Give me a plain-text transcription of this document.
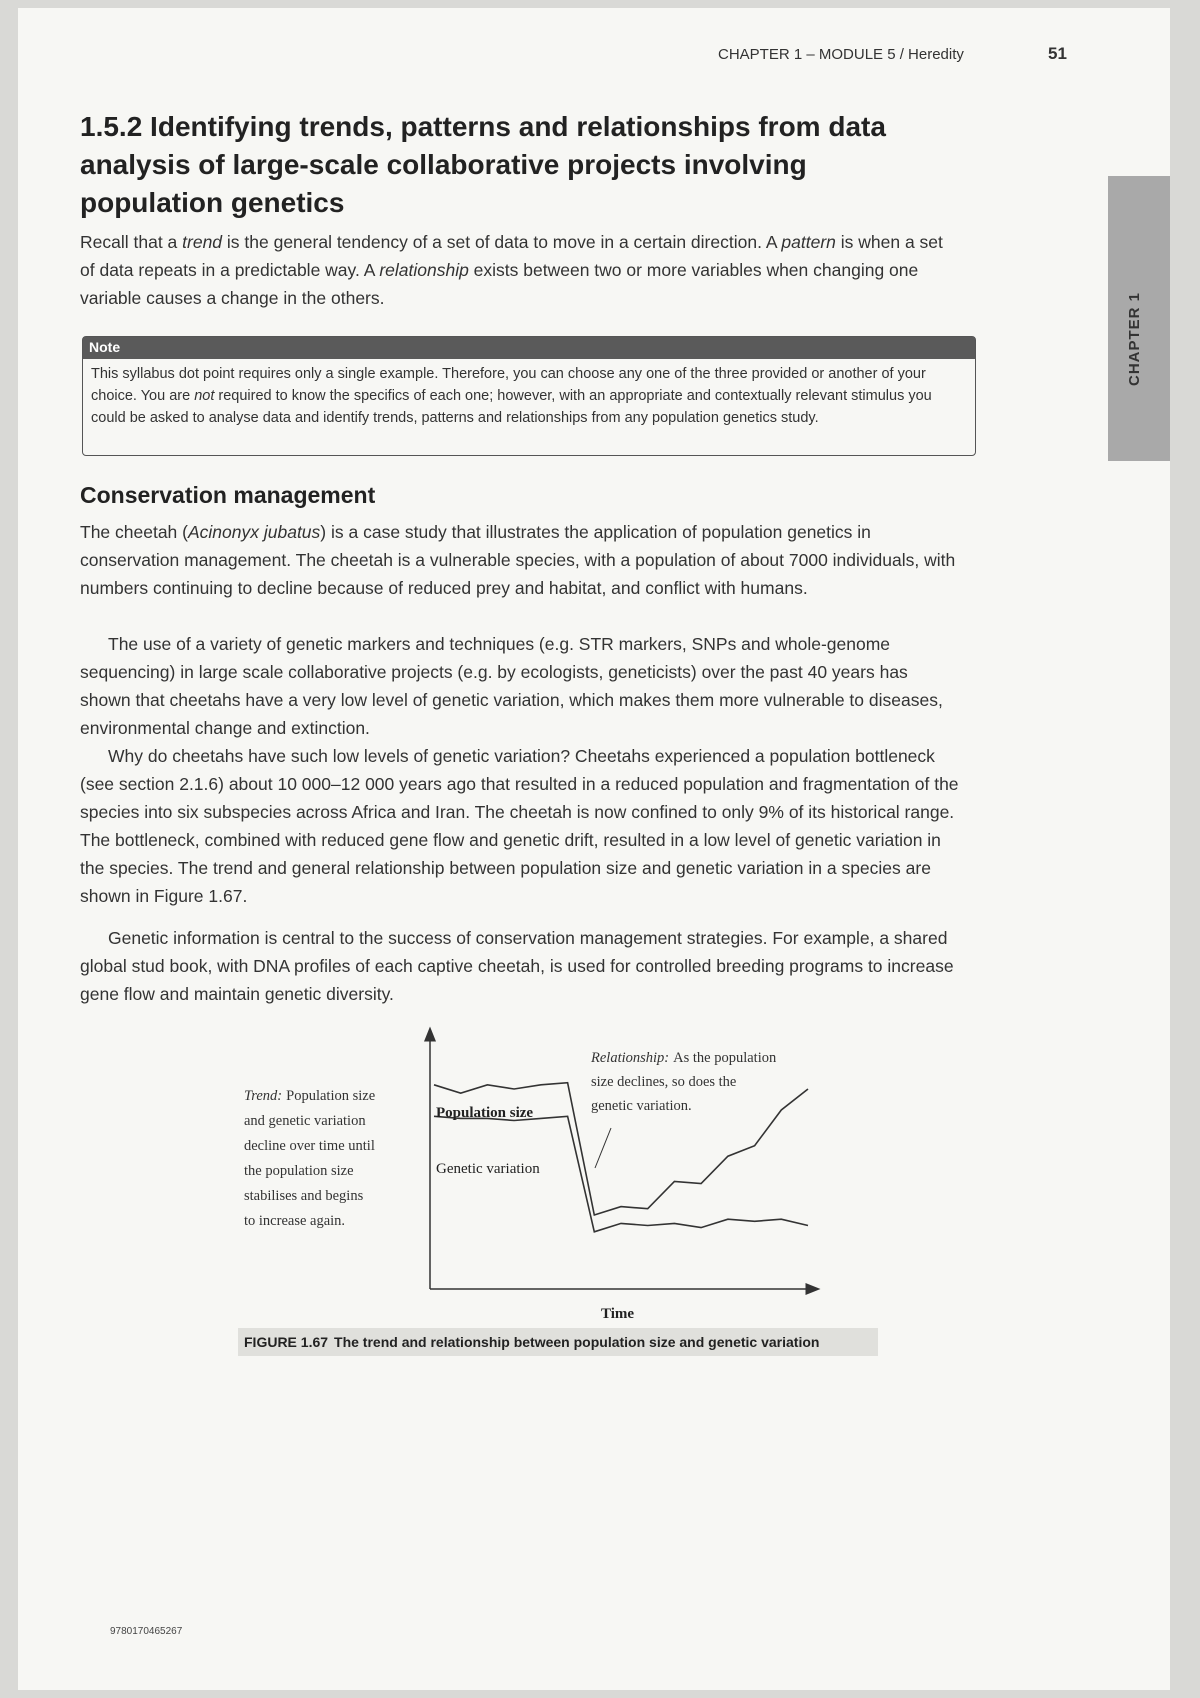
CHAPTER 1 – MODULE 5 / Heredity	51
CHAPTER 1
1.5.2 Identifying trends, patterns and relationships from data analysis of large-scale collaborative projects involving population genetics
Recall that a trend is the general tendency of a set of data to move in a certain direction. A pattern is when a set of data repeats in a predictable way. A relationship exists between two or more variables when changing one variable causes a change in the others.
Note
This syllabus dot point requires only a single example. Therefore, you can choose any one of the three provided or another of your choice. You are not required to know the specifics of each one; however, with an appropriate and contextually relevant stimulus you could be asked to analyse data and identify trends, patterns and relationships from any population genetics study.
Conservation management
The cheetah (Acinonyx jubatus) is a case study that illustrates the application of population genetics in conservation management. The cheetah is a vulnerable species, with a population of about 7000 individuals, with numbers continuing to decline because of reduced prey and habitat, and conflict with humans.
The use of a variety of genetic markers and techniques (e.g. STR markers, SNPs and whole-genome sequencing) in large scale collaborative projects (e.g. by ecologists, geneticists) over the past 40 years has shown that cheetahs have a very low level of genetic variation, which makes them more vulnerable to diseases, environmental change and extinction.
Why do cheetahs have such low levels of genetic variation? Cheetahs experienced a population bottleneck (see section 2.1.6) about 10 000–12 000 years ago that resulted in a reduced population and fragmentation of the species into six subspecies across Africa and Iran. The cheetah is now confined to only 9% of its historical range. The bottleneck, combined with reduced gene flow and genetic drift, resulted in a low level of genetic variation in the species. The trend and general relationship between population size and genetic variation in a species are shown in Figure 1.67.
Genetic information is central to the success of conservation management strategies. For example, a shared global stud book, with DNA profiles of each captive cheetah, is used for controlled breeding programs to increase gene flow and maintain genetic diversity.
Population size
Genetic variation
Trend: Population size and genetic variation decline over time until the population size stabilises and begins to increase again.
Relationship: As the population size declines, so does the genetic variation.
Time
FIGURE 1.67 The trend and relationship between population size and genetic variation
9780170465267
